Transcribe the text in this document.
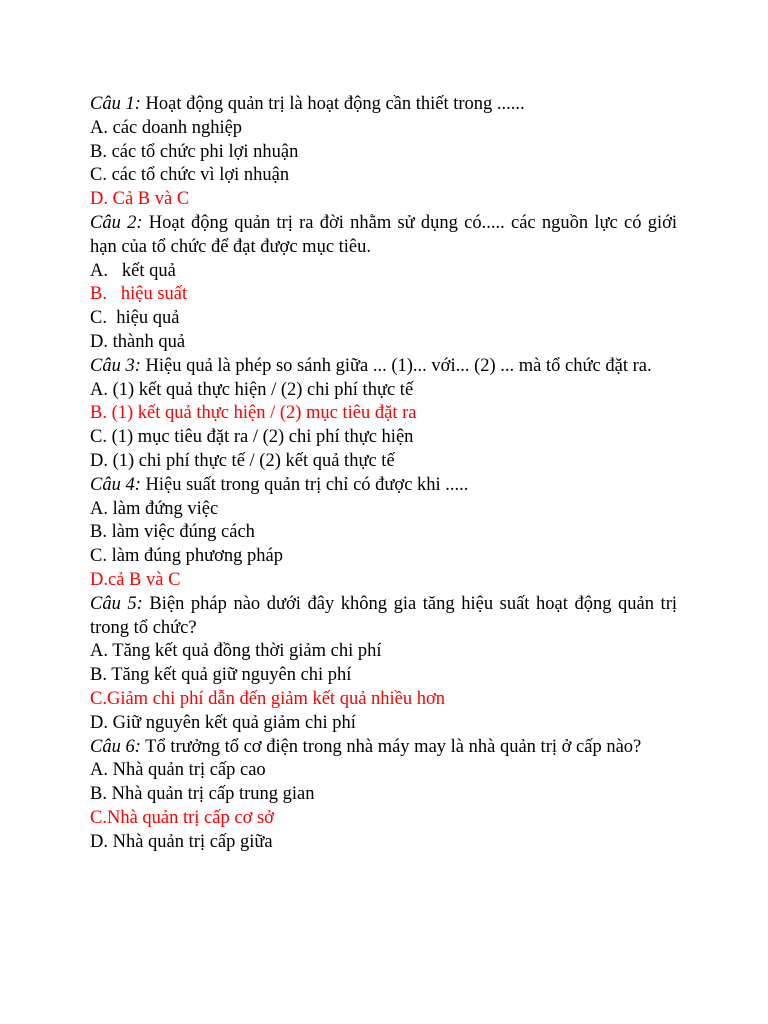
Câu 1: Hoạt động quản trị là hoạt động cần thiết trong ......
A. các doanh nghiệp
B. các tổ chức phi lợi nhuận
C. các tổ chức vì lợi nhuận
D. Cả B và C
Câu 2: Hoạt động quản trị ra đời nhằm sử dụng có..... các nguồn lực có giới hạn của tổ chức để đạt được mục tiêu.
A.   kết quả
B.   hiệu suất
C.  hiệu quả
D. thành quả
Câu 3: Hiệu quả là phép so sánh giữa ... (1)... với... (2) ... mà tổ chức đặt ra.
A. (1) kết quả thực hiện / (2) chi phí thực tế
B. (1) kết quả thực hiện / (2) mục tiêu đặt ra
C. (1) mục tiêu đặt ra / (2) chi phí thực hiện
D. (1) chi phí thực tế / (2) kết quả thực tế
Câu 4: Hiệu suất trong quản trị chỉ có được khi .....
A. làm đứng việc
B. làm việc đúng cách
C. làm đúng phương pháp
D.cả B và C
Câu 5: Biện pháp nào dưới đây không gia tăng hiệu suất hoạt động quản trị trong tổ chức?
A. Tăng kết quả đồng thời giảm chi phí
B. Tăng kết quả giữ nguyên chi phí
C.Giảm chi phí dẫn đến giảm kết quả nhiều hơn
D. Giữ nguyên kết quả giảm chi phí
Câu 6: Tổ trưởng tổ cơ điện trong nhà máy may là nhà quản trị ở cấp nào?
A. Nhà quản trị cấp cao
B. Nhà quản trị cấp trung gian
C.Nhà quản trị cấp cơ sở
D. Nhà quản trị cấp giữa
